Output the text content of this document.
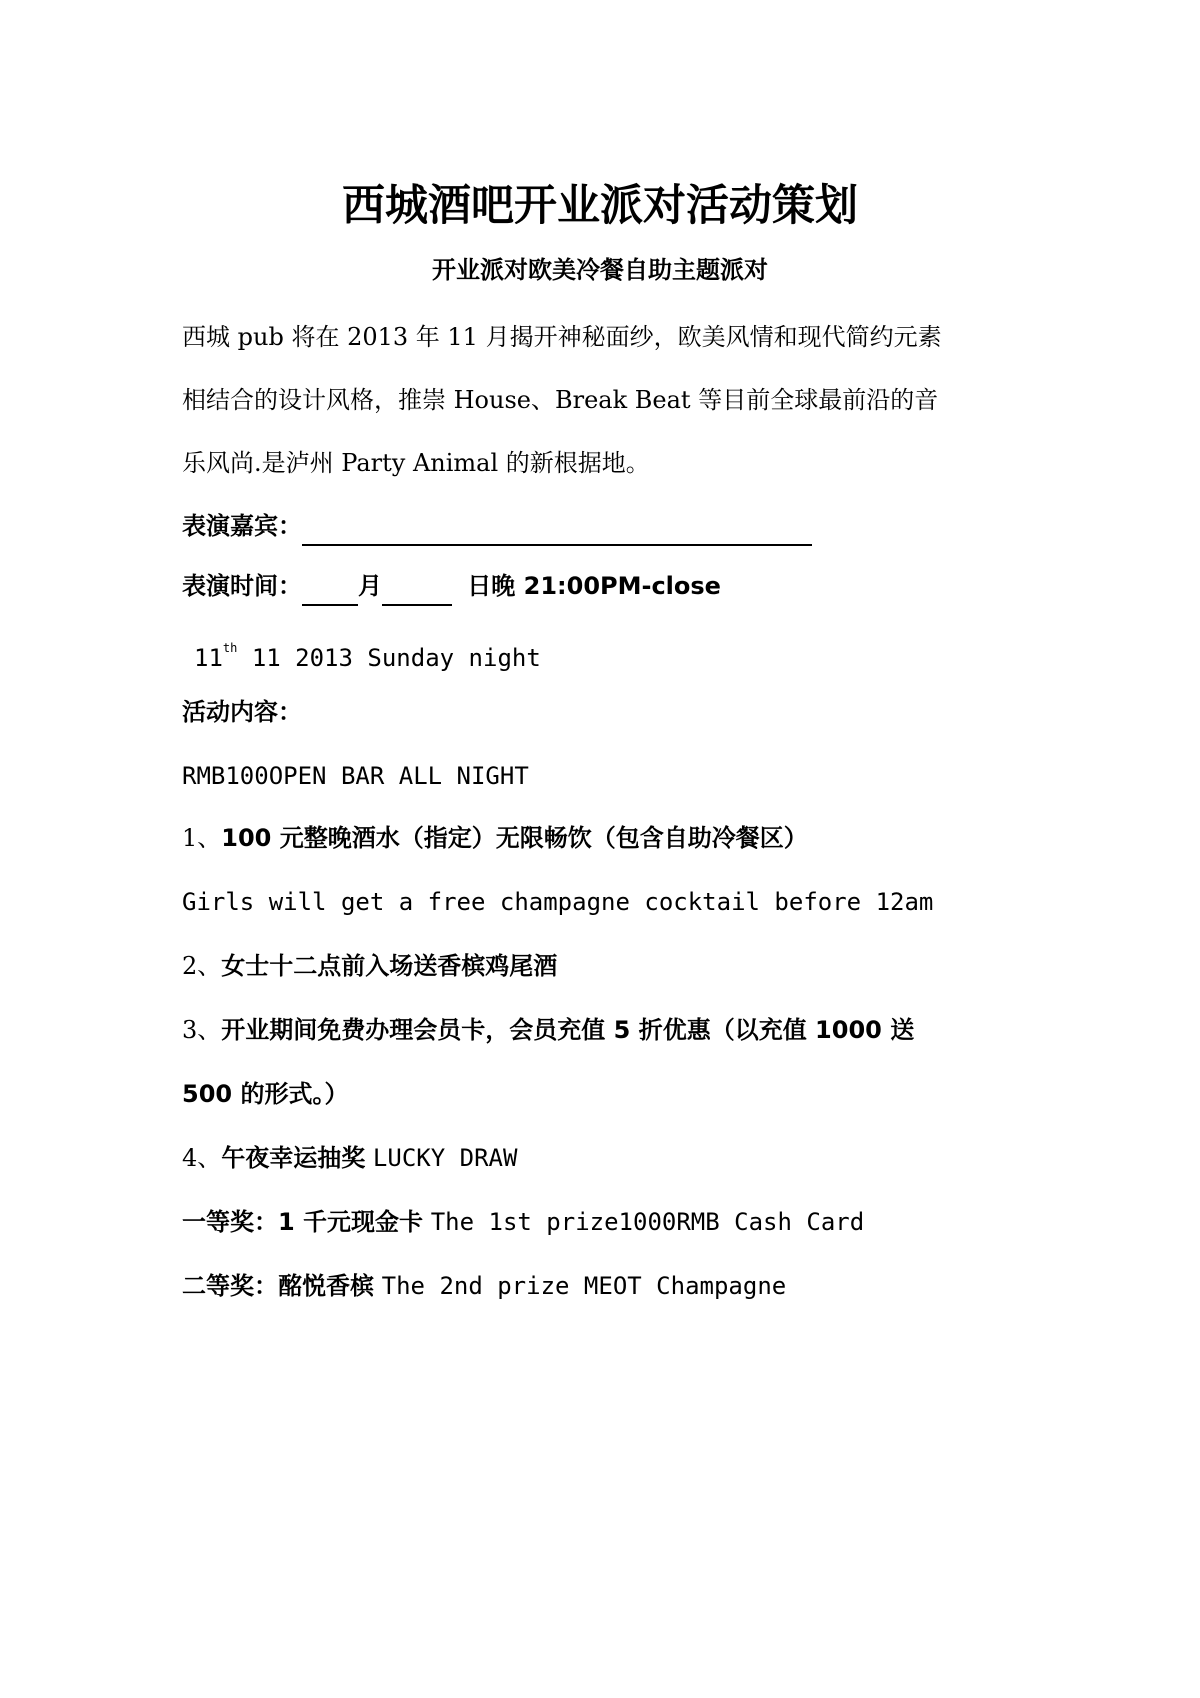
西城酒吧开业派对活动策划
开业派对欧美冷餐自助主题派对
西城 pub 将在 2013 年 11 月揭开神秘面纱，欧美风情和现代简约元素
相结合的设计风格，推崇 House、Break Beat 等目前全球最前沿的音
乐风尚.是泸州 Party Animal 的新根据地。
表演嘉宾：
表演时间： 月	日晚 21:00PM-close
11th 11 2013 Sunday night
活动内容：
RMB100OPEN BAR ALL NIGHT
1、100 元整晚酒水（指定）无限畅饮（包含自助冷餐区）
Girls will get a free champagne cocktail before 12am
2、女士十二点前入场送香槟鸡尾酒
3、开业期间免费办理会员卡，会员充值 5 折优惠（以充值 1000 送
500 的形式。）
4、午夜幸运抽奖 LUCKY DRAW
一等奖：1 千元现金卡 The 1st prize1000RMB Cash Card
二等奖：酩悦香槟 The 2nd prize MEOT Champagne
